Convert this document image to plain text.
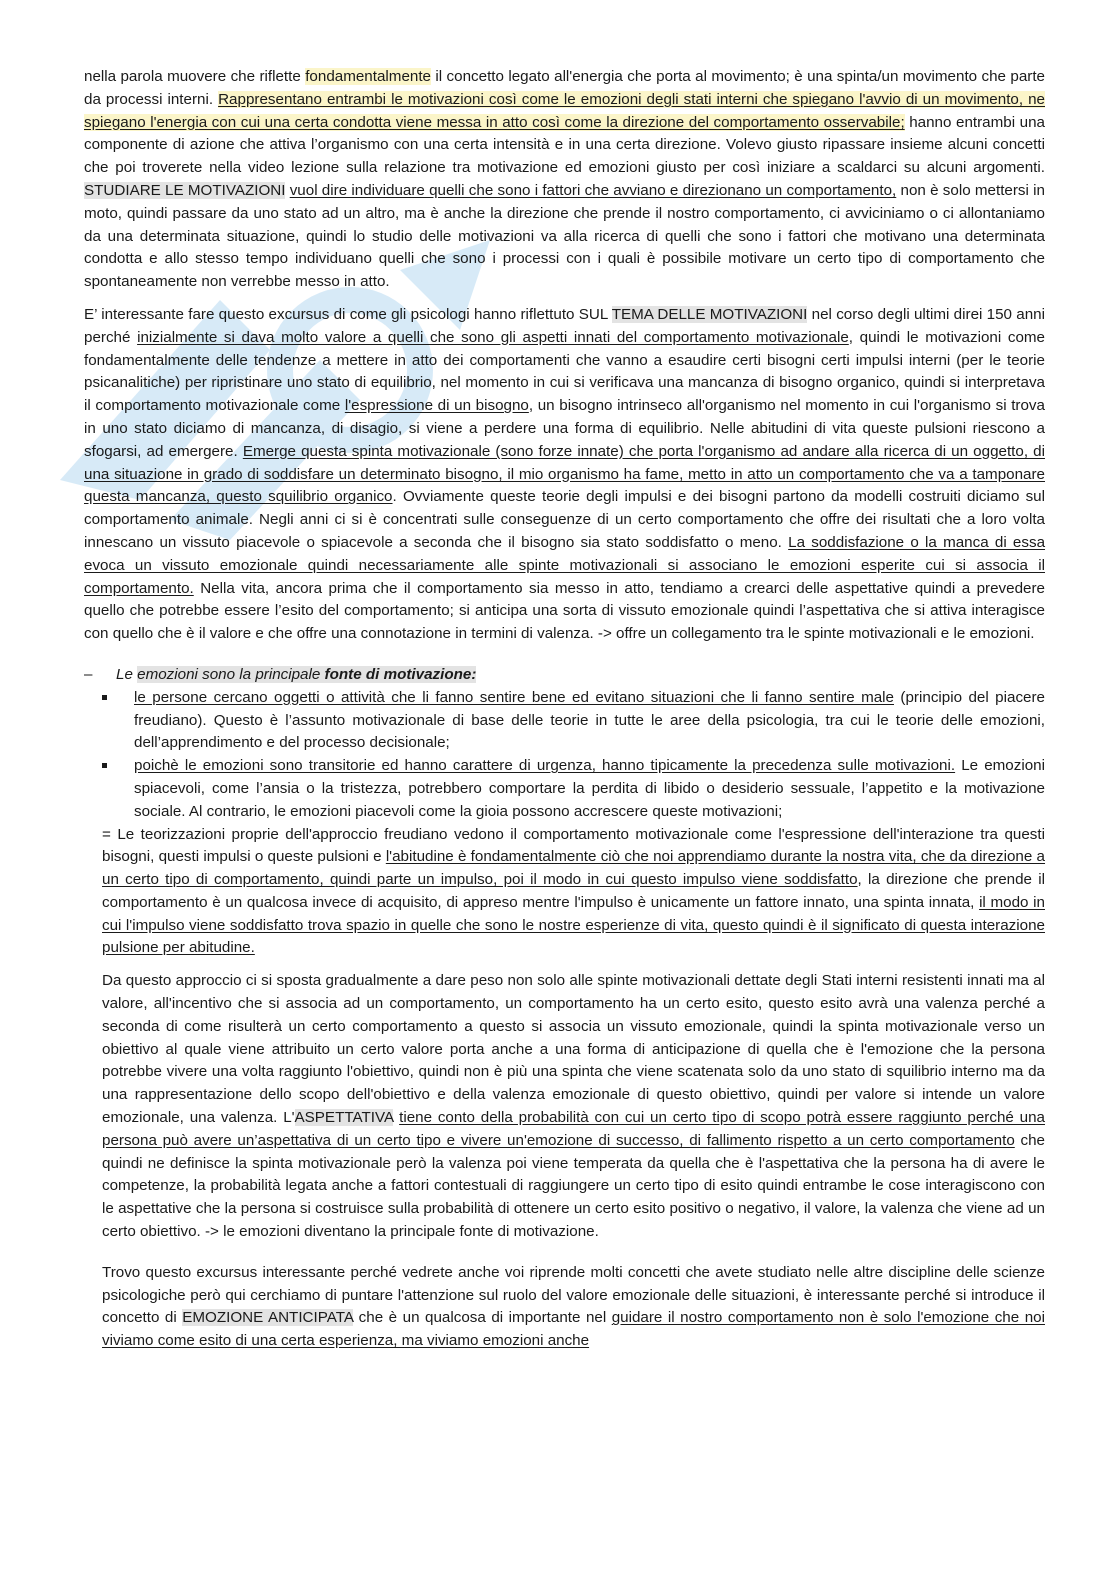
nella parola muovere che riflette fondamentalmente il concetto legato all'energia che porta al movimento; è una spinta/un movimento che parte da processi interni. Rappresentano entrambi le motivazioni così come le emozioni degli stati interni che spiegano l'avvio di un movimento, ne spiegano l'energia con cui una certa condotta viene messa in atto così come la direzione del comportamento osservabile; hanno entrambi una componente di azione che attiva l’organismo con una certa intensità e in una certa direzione. Volevo giusto ripassare insieme alcuni concetti che poi troverete nella video lezione sulla relazione tra motivazione ed emozioni giusto per così iniziare a scaldarci su alcuni argomenti. STUDIARE LE MOTIVAZIONI vuol dire individuare quelli che sono i fattori che avviano e direzionano un comportamento, non è solo mettersi in moto, quindi passare da uno stato ad un altro, ma è anche la direzione che prende il nostro comportamento, ci avviciniamo o ci allontaniamo da una determinata situazione, quindi lo studio delle motivazioni va alla ricerca di quelli che sono i fattori che motivano una determinata condotta e allo stesso tempo individuano quelli che sono i processi con i quali è possibile motivare un certo tipo di comportamento che spontaneamente non verrebbe messo in atto.

E’ interessante fare questo excursus di come gli psicologi hanno riflettuto SUL TEMA DELLE MOTIVAZIONI nel corso degli ultimi direi 150 anni perché inizialmente si dava molto valore a quelli che sono gli aspetti innati del comportamento motivazionale, quindi le motivazioni come fondamentalmente delle tendenze a mettere in atto dei comportamenti che vanno a esaudire certi bisogni certi impulsi interni (per le teorie psicanalitiche) per ripristinare uno stato di equilibrio, nel momento in cui si verificava una mancanza di bisogno organico, quindi si interpretava il comportamento motivazionale come l'espressione di un bisogno, un bisogno intrinseco all'organismo nel momento in cui l'organismo si trova in uno stato diciamo di mancanza, di disagio, si viene a perdere una forma di equilibrio. Nelle abitudini di vita queste pulsioni riescono a sfogarsi, ad emergere. Emerge questa spinta motivazionale (sono forze innate) che porta l'organismo ad andare alla ricerca di un oggetto, di una situazione in grado di soddisfare un determinato bisogno, il mio organismo ha fame, metto in atto un comportamento che va a tamponare questa mancanza, questo squilibrio organico. Ovviamente queste teorie degli impulsi e dei bisogni partono da modelli costruiti diciamo sul comportamento animale. Negli anni ci si è concentrati sulle conseguenze di un certo comportamento che offre dei risultati che a loro volta innescano un vissuto piacevole o spiacevole a seconda che il bisogno sia stato soddisfatto o meno. La soddisfazione o la manca di essa evoca un vissuto emozionale quindi necessariamente alle spinte motivazionali si associano le emozioni esperite cui si associa il comportamento. Nella vita, ancora prima che il comportamento sia messo in atto, tendiamo a crearci delle aspettative quindi a prevedere quello che potrebbe essere l’esito del comportamento; si anticipa una sorta di vissuto emozionale quindi l’aspettativa che si attiva interagisce con quello che è il valore e che offre una connotazione in termini di valenza. -> offre un collegamento tra le spinte motivazionali e le emozioni.

–	Le emozioni sono la principale fonte di motivazione:
le persone cercano oggetti o attività che li fanno sentire bene ed evitano situazioni che li fanno sentire male (principio del piacere freudiano). Questo è l’assunto motivazionale di base delle teorie in tutte le aree della psicologia, tra cui le teorie delle emozioni, dell’apprendimento e del processo decisionale;
poichè le emozioni sono transitorie ed hanno carattere di urgenza, hanno tipicamente la precedenza sulle motivazioni. Le emozioni spiacevoli, come l’ansia o la tristezza, potrebbero comportare la perdita di libido o desiderio sessuale, l’appetito e la motivazione sociale. Al contrario, le emozioni piacevoli come la gioia possono accrescere queste motivazioni;

= Le teorizzazioni proprie dell'approccio freudiano vedono il comportamento motivazionale come l'espressione dell'interazione tra questi bisogni, questi impulsi o queste pulsioni e l'abitudine è fondamentalmente ciò che noi apprendiamo durante la nostra vita, che da direzione a un certo tipo di comportamento, quindi parte un impulso, poi il modo in cui questo impulso viene soddisfatto, la direzione che prende il comportamento è un qualcosa invece di acquisito, di appreso mentre l'impulso è unicamente un fattore innato, una spinta innata, il modo in cui l'impulso viene soddisfatto trova spazio in quelle che sono le nostre esperienze di vita, questo quindi è il significato di questa interazione pulsione per abitudine.

Da questo approccio ci si sposta gradualmente a dare peso non solo alle spinte motivazionali dettate degli Stati interni resistenti innati ma al valore, all'incentivo che si associa ad un comportamento, un comportamento ha un certo esito, questo esito avrà una valenza perché a seconda di come risulterà un certo comportamento a questo si associa un vissuto emozionale, quindi la spinta motivazionale verso un obiettivo al quale viene attribuito un certo valore porta anche a una forma di anticipazione di quella che è l'emozione che la persona potrebbe vivere una volta raggiunto l'obiettivo, quindi non è più una spinta che viene scatenata solo da uno stato di squilibrio interno ma da una rappresentazione dello scopo dell'obiettivo e della valenza emozionale di questo obiettivo, quindi per valore si intende un valore emozionale, una valenza. L'ASPETTATIVA tiene conto della probabilità con cui un certo tipo di scopo potrà essere raggiunto perché una persona può avere un’aspettativa di un certo tipo e vivere un'emozione di successo, di fallimento rispetto a un certo comportamento che quindi ne definisce la spinta motivazionale però la valenza poi viene temperata da quella che è l'aspettativa che la persona ha di avere le competenze, la probabilità legata anche a fattori contestuali di raggiungere un certo tipo di esito quindi entrambe le cose interagiscono con le aspettative che la persona si costruisce sulla probabilità di ottenere un certo esito positivo o negativo, il valore, la valenza che viene ad un certo obiettivo. -> le emozioni diventano la principale fonte di motivazione.

Trovo questo excursus interessante perché vedrete anche voi riprende molti concetti che avete studiato nelle altre discipline delle scienze psicologiche però qui cerchiamo di puntare l'attenzione sul ruolo del valore emozionale delle situazioni, è interessante perché si introduce il concetto di EMOZIONE ANTICIPATA che è un qualcosa di importante nel guidare il nostro comportamento non è solo l'emozione che noi viviamo come esito di una certa esperienza, ma viviamo emozioni anche
